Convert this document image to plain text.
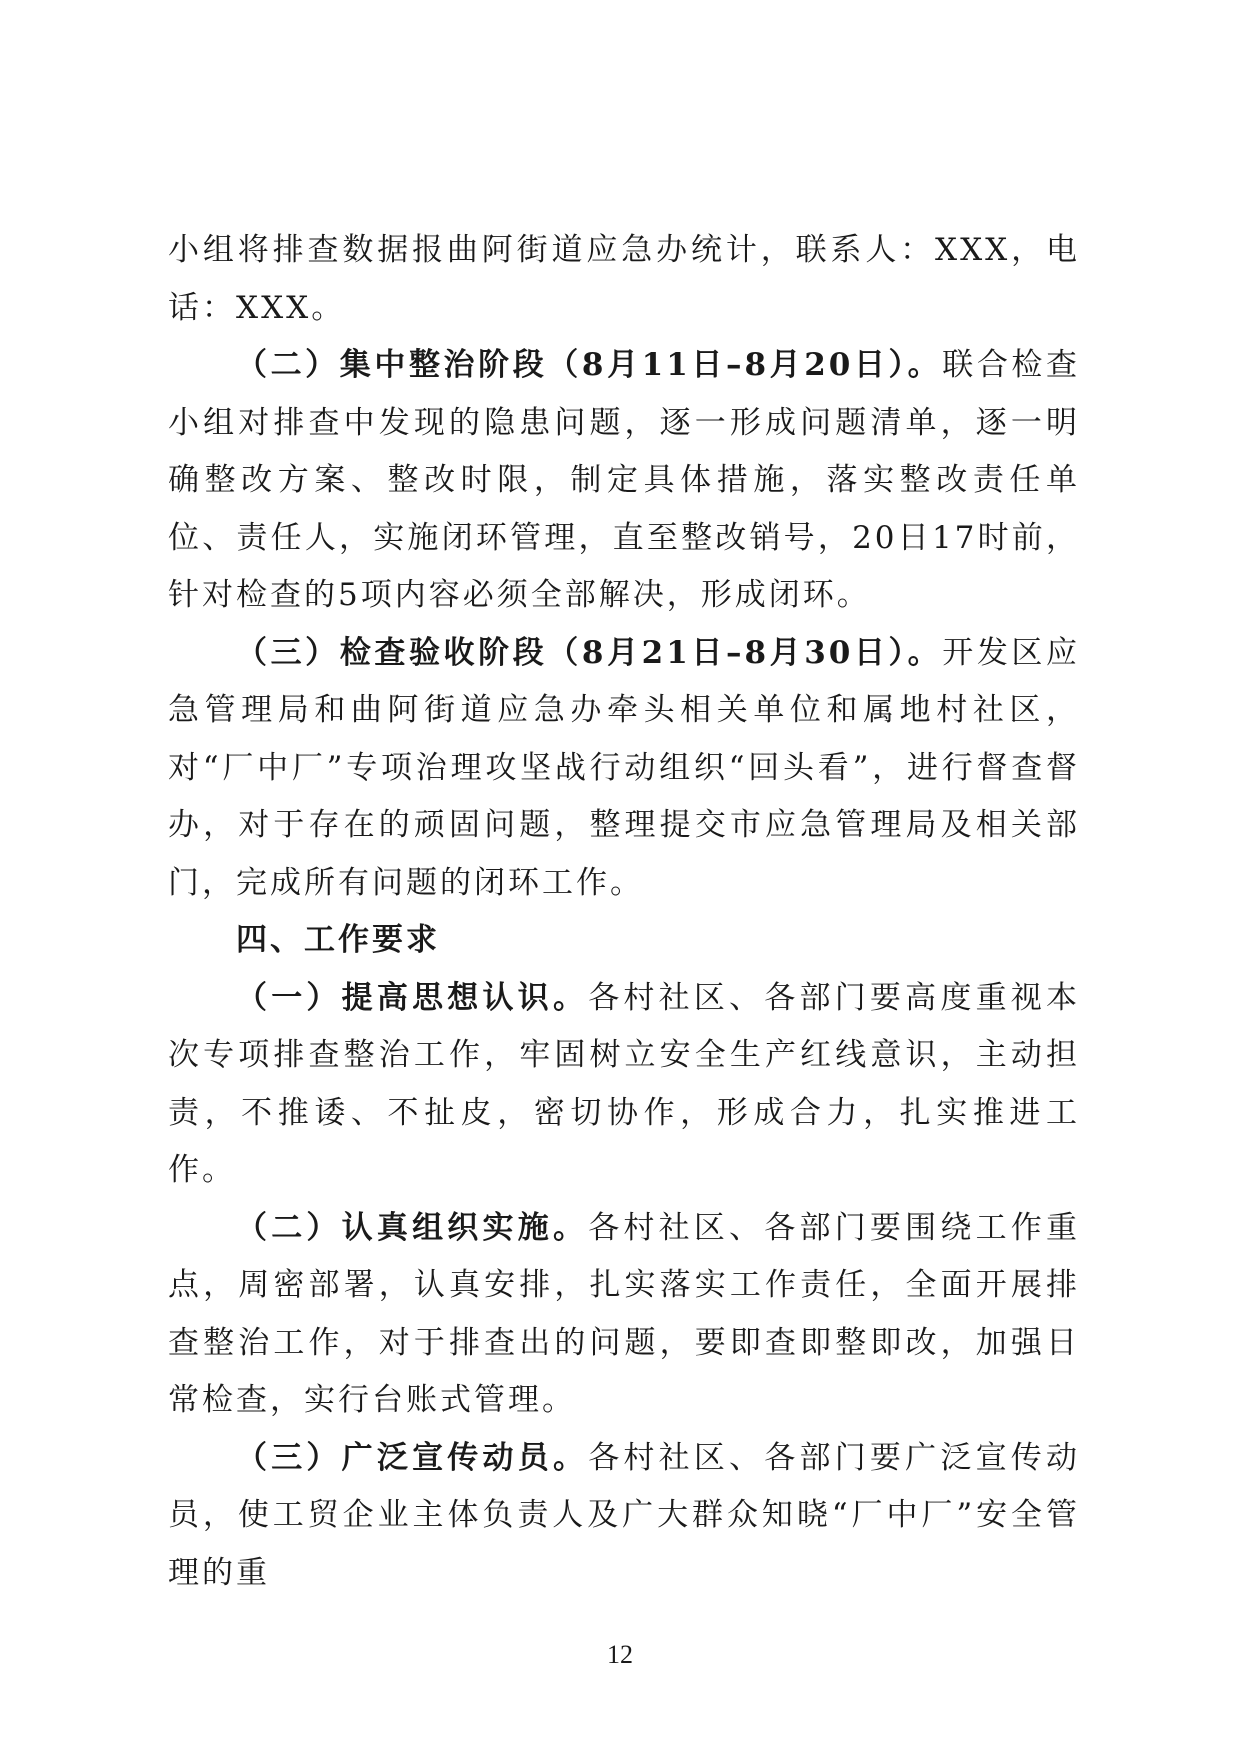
小组将排查数据报曲阿街道应急办统计，联系人：XXX，电话：XXX。

（二）集中整治阶段（8月11日–8月20日）。联合检查小组对排查中发现的隐患问题，逐一形成问题清单，逐一明确整改方案、整改时限，制定具体措施，落实整改责任单位、责任人，实施闭环管理，直至整改销号，20日17时前，针对检查的5项内容必须全部解决，形成闭环。

（三）检查验收阶段（8月21日–8月30日）。开发区应急管理局和曲阿街道应急办牵头相关单位和属地村社区，对“厂中厂”专项治理攻坚战行动组织“回头看”，进行督查督办，对于存在的顽固问题，整理提交市应急管理局及相关部门，完成所有问题的闭环工作。

四、工作要求

（一）提高思想认识。各村社区、各部门要高度重视本次专项排查整治工作，牢固树立安全生产红线意识，主动担责，不推诿、不扯皮，密切协作，形成合力，扎实推进工作。

（二）认真组织实施。各村社区、各部门要围绕工作重点，周密部署，认真安排，扎实落实工作责任，全面开展排查整治工作，对于排查出的问题，要即查即整即改，加强日常检查，实行台账式管理。

（三）广泛宣传动员。各村社区、各部门要广泛宣传动员，使工贸企业主体负责人及广大群众知晓“厂中厂”安全管理的重

12
